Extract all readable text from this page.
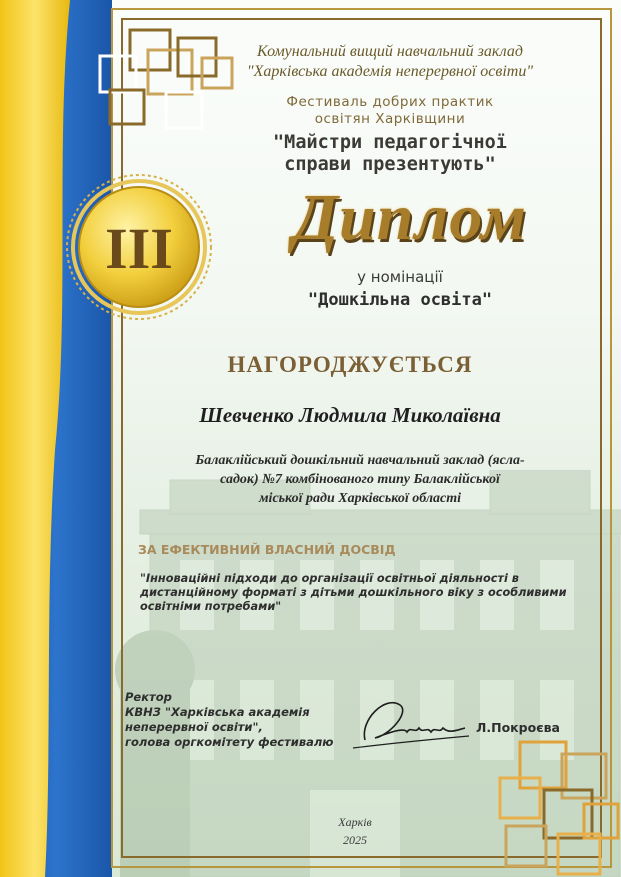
III
Комунальний вищий навчальний заклад
"Харківська академія неперервної освіти"
Фестиваль добрих практик
освітян Харківщини
"Майстри педагогічної
справи презентують"
Диплом
у номінації
"Дошкільна освіта"
НАГОРОДЖУЄТЬСЯ
Шевченко Людмила Миколаївна
Балаклійський дошкільний навчальний заклад (ясла-
садок) №7 комбінованого типу Балаклійської
міської ради Харківської області
ЗА ЕФЕКТИВНИЙ ВЛАСНИЙ ДОСВІД
"Інноваційні підходи до організації освітньої діяльності в
дистанційному форматі з дітьми дошкільного віку з особливими
освітніми потребами"
Ректор
КВНЗ "Харківська академія
неперервної освіти",
голова оргкомітету фестивалю
Л.Покроєва
Харків
2025
